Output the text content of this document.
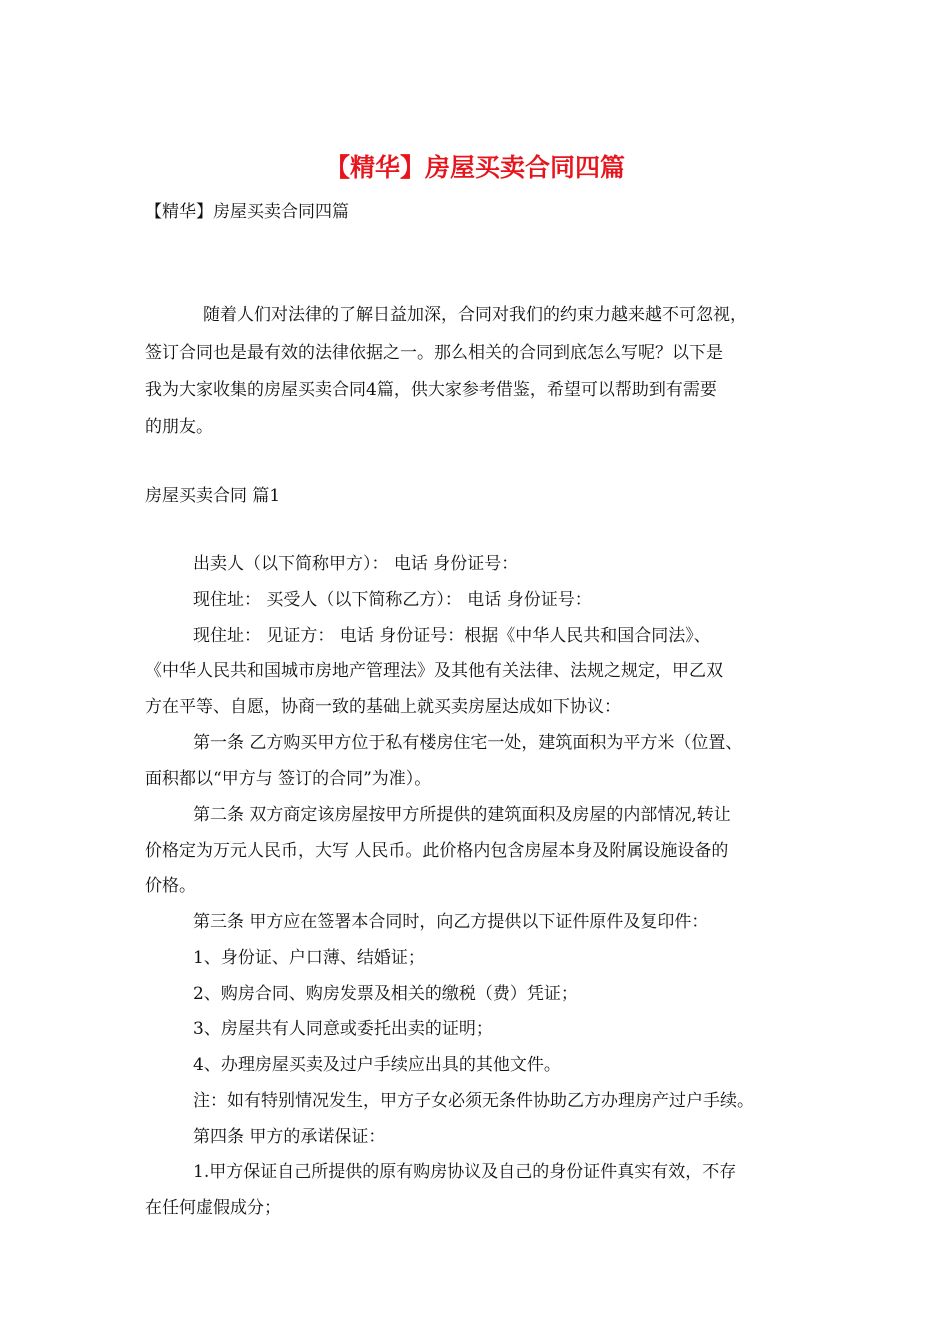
【精华】房屋买卖合同四篇
【精华】房屋买卖合同四篇
随着人们对法律的了解日益加深，合同对我们的约束力越来越不可忽视，
签订合同也是最有效的法律依据之一。那么相关的合同到底怎么写呢？以下是
我为大家收集的房屋买卖合同4篇，供大家参考借鉴，希望可以帮助到有需要
的朋友。
房屋买卖合同 篇1
出卖人（以下简称甲方）： 电话 身份证号：
现住址： 买受人（以下简称乙方）： 电话 身份证号：
现住址： 见证方： 电话 身份证号：根据《中华人民共和国合同法》、
《中华人民共和国城市房地产管理法》及其他有关法律、法规之规定，甲乙双
方在平等、自愿，协商一致的基础上就买卖房屋达成如下协议：
第一条 乙方购买甲方位于私有楼房住宅一处，建筑面积为平方米（位置、
面积都以“甲方与 签订的合同”为准）。
第二条 双方商定该房屋按甲方所提供的建筑面积及房屋的内部情况,转让
价格定为万元人民币，大写 人民币。此价格内包含房屋本身及附属设施设备的
价格。
第三条 甲方应在签署本合同时，向乙方提供以下证件原件及复印件：
1、身份证、户口薄、结婚证；
2、购房合同、购房发票及相关的缴税（费）凭证；
3、房屋共有人同意或委托出卖的证明；
4、办理房屋买卖及过户手续应出具的其他文件。
注：如有特别情况发生，甲方子女必须无条件协助乙方办理房产过户手续。
第四条 甲方的承诺保证：
1.甲方保证自己所提供的原有购房协议及自己的身份证件真实有效，不存
在任何虚假成分；
